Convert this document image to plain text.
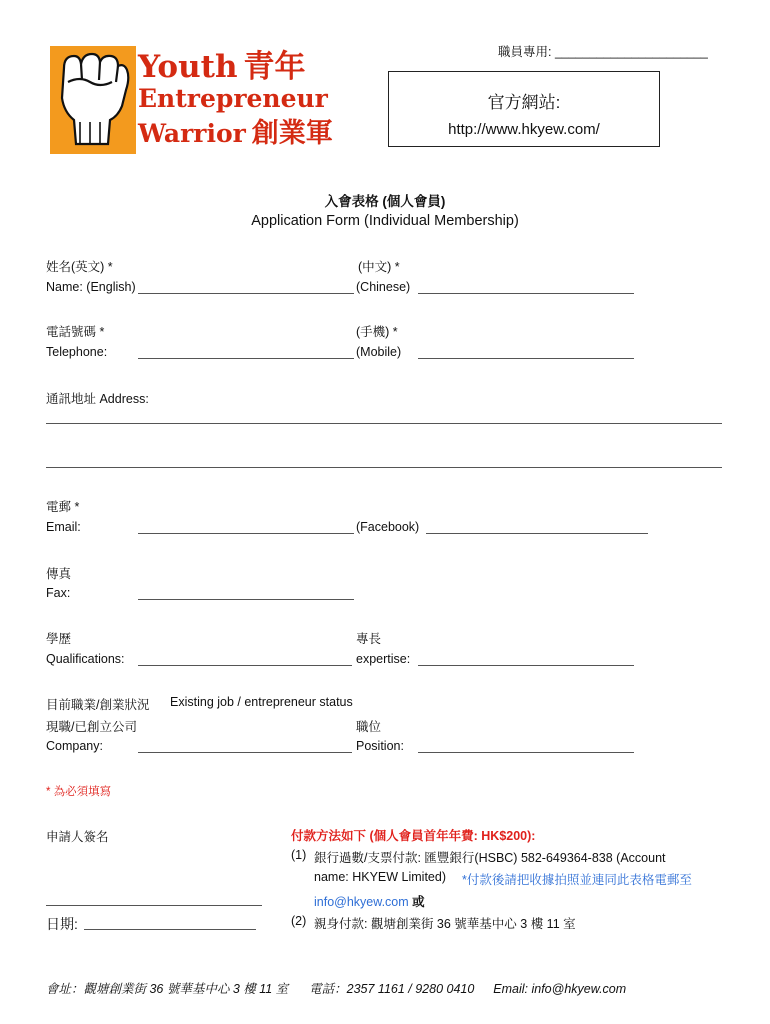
職員專用: ______________________
Youth 青年
Entrepreneur
Warrior 創業軍
官方網站:
http://www.hkyew.com/
入會表格 (個人會員)
Application Form (Individual Membership)
姓名(英文) *
Name: (English)
(中文) *
(Chinese)
電話號碼 *
Telephone:
(手機) *
(Mobile)
通訊地址 Address:
電郵 *
Email:	(Facebook)
傳真
Fax:
學歷
Qualifications:
專長
expertise:
目前職業/創業狀況 Existing job / entrepreneur status
現職/已創立公司
Company:
職位
Position:
* 為必須填寫
申請人簽名
日期:
付款方法如下 (個人會員首年年費: HK$200):
(1) 銀行過數/支票付款: 匯豐銀行(HSBC) 582-649364-838 (Account
name: HKYEW Limited) *付款後請把收據拍照並連同此表格電郵至
info@hkyew.com 或
(2) 親身付款: 觀塘創業街 36 號華基中心 3 樓 11 室
會址：觀塘創業街 36 號華基中心 3 樓 11 室 電話：2357 1161 / 9280 0410 Email: info@hkyew.com
